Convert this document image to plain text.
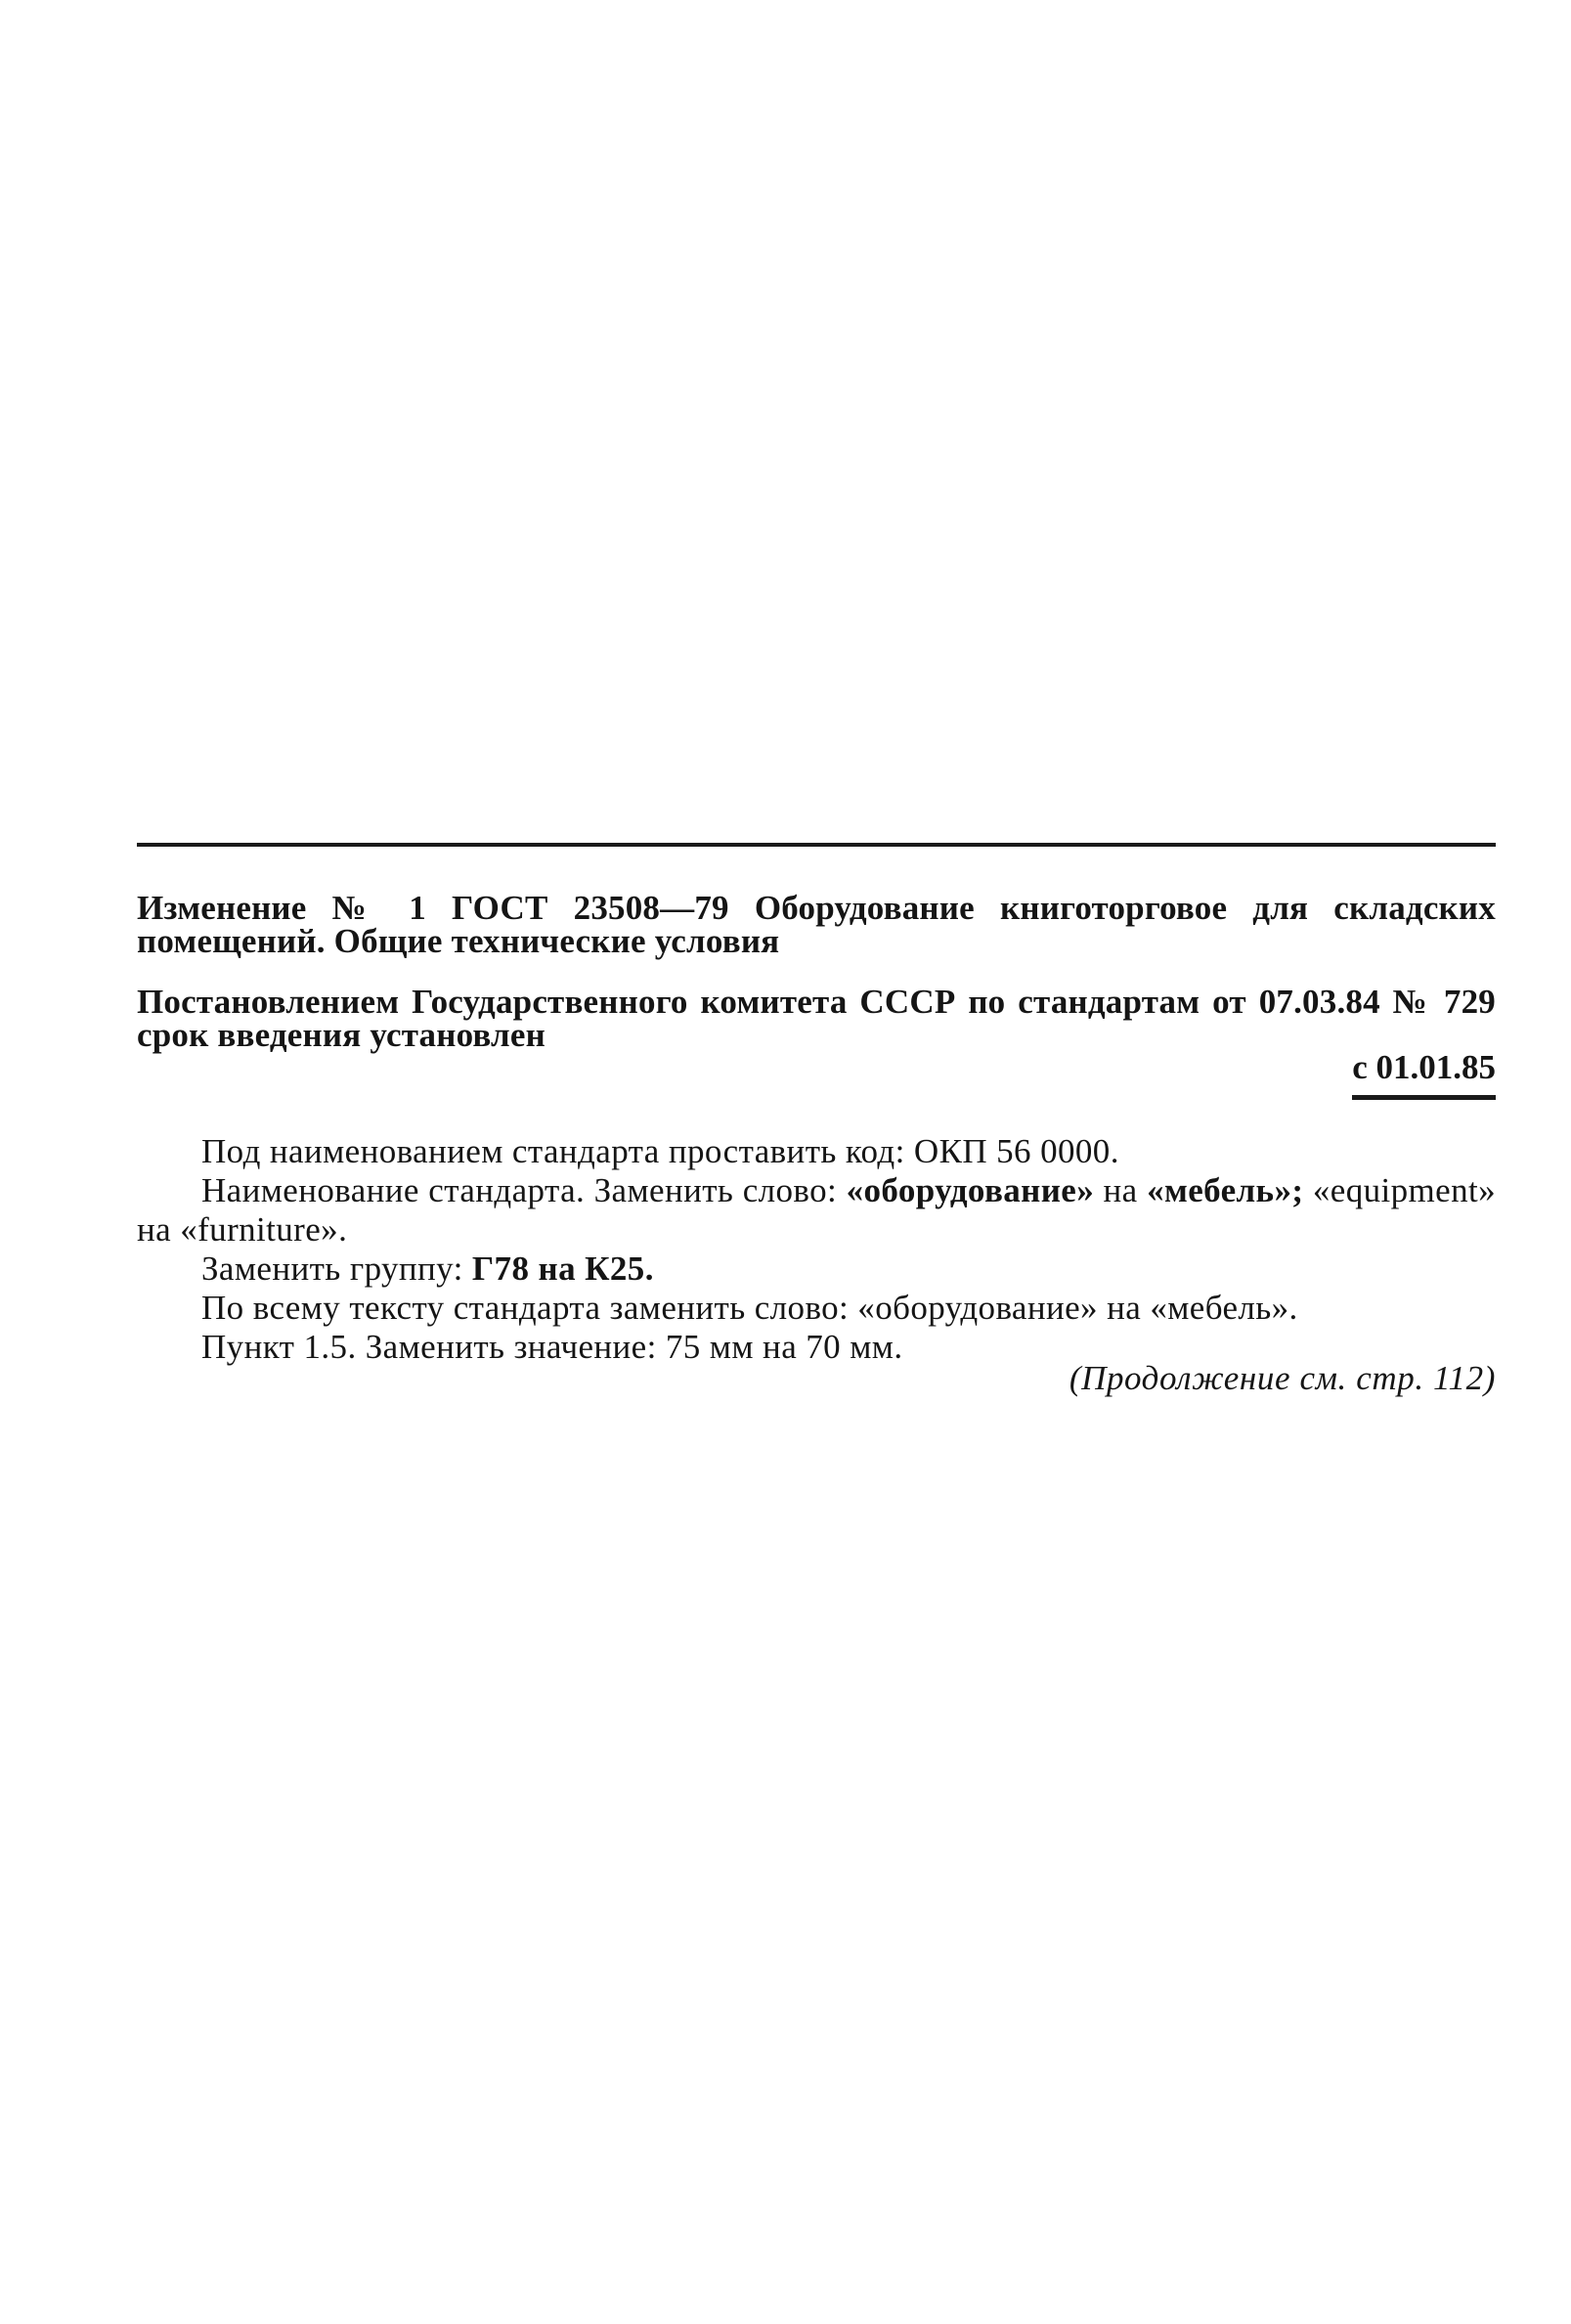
Изменение № 1 ГОСТ 23508—79 Оборудование книготорговое для складских помещений. Общие технические условия
Постановлением Государственного комитета СССР по стандартам от 07.03.84 № 729 срок введения установлен
с 01.01.85

Под наименованием стандарта проставить код: ОКП 56 0000.

Наименование стандарта. Заменить слово: «оборудование» на «мебель»; «equipment» на «furniture».

Заменить группу: Г78 на К25.

По всему тексту стандарта заменить слово: «оборудование» на «мебель».

Пункт 1.5. Заменить значение: 75 мм на 70 мм.

(Продолжение см. стр. 112)
